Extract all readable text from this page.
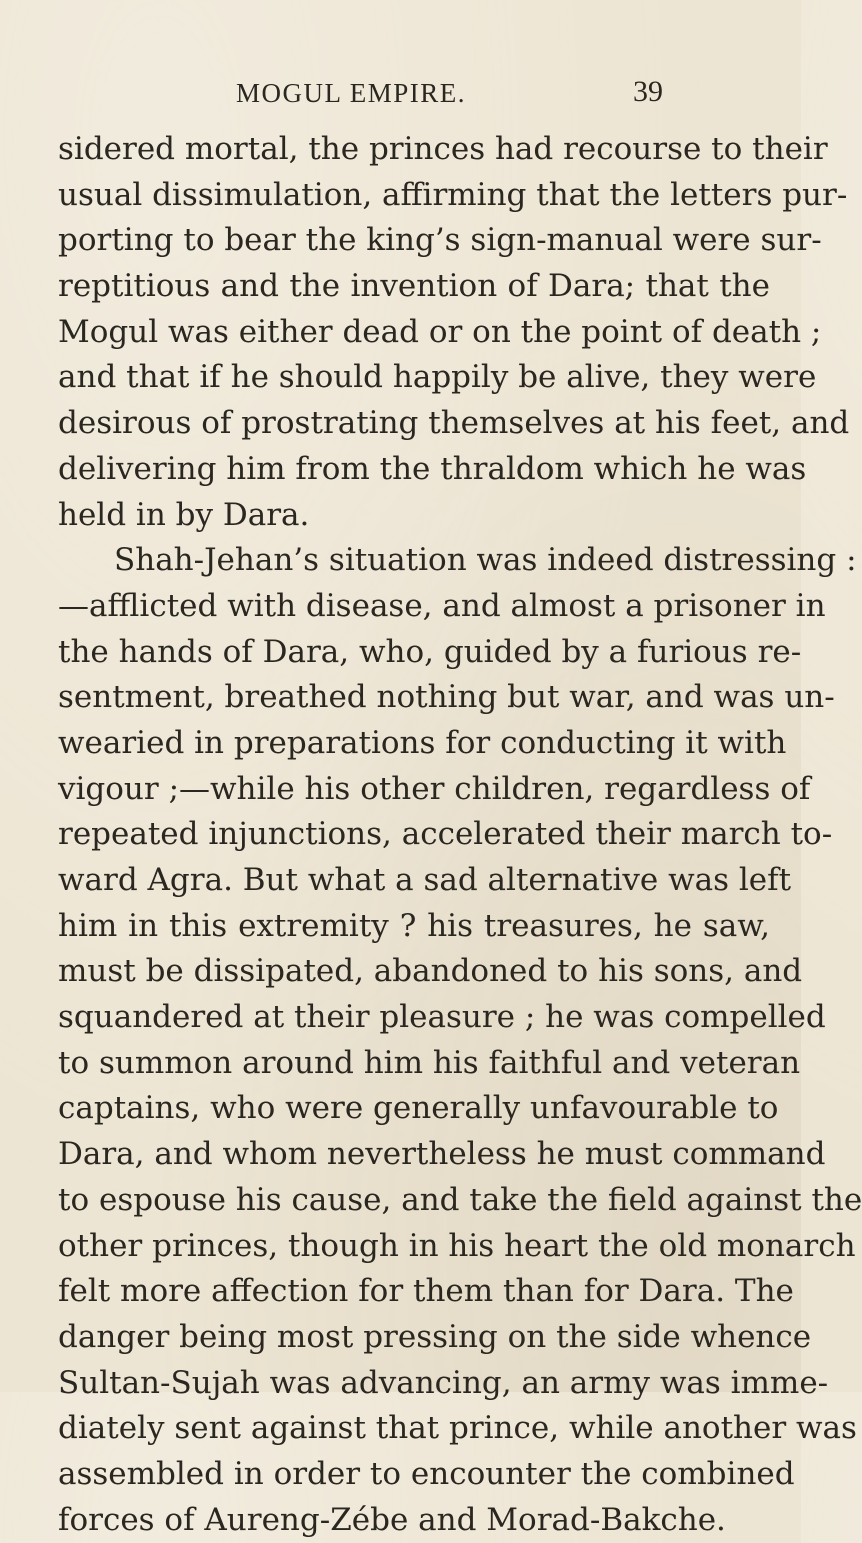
MOGUL EMPIRE.	39
sidered mortal, the princes had recourse to their
usual dissimulation, affirming that the letters pur-
porting to bear the king’s sign-manual were sur-
reptitious and the invention of Dara; that the
Mogul was either dead or on the point of death ;
and that if he should happily be alive, they were
desirous of prostrating themselves at his feet, and
delivering him from the thraldom which he was
held in by Dara.
Shah-Jehan’s situation was indeed distressing :
—afflicted with disease, and almost a prisoner in
the hands of Dara, who, guided by a furious re-
sentment, breathed nothing but war, and was un-
wearied in preparations for conducting it with
vigour ;—while his other children, regardless of
repeated injunctions, accelerated their march to-
ward Agra. But what a sad alternative was left
him in this extremity ? his treasures, he saw,
must be dissipated, abandoned to his sons, and
squandered at their pleasure ; he was compelled
to summon around him his faithful and veteran
captains, who were generally unfavourable to
Dara, and whom nevertheless he must command
to espouse his cause, and take the field against the
other princes, though in his heart the old monarch
felt more affection for them than for Dara. The
danger being most pressing on the side whence
Sultan-Sujah was advancing, an army was imme-
diately sent against that prince, while another was
assembled in order to encounter the combined
forces of Aureng-Zébe and Morad-Bakche.
